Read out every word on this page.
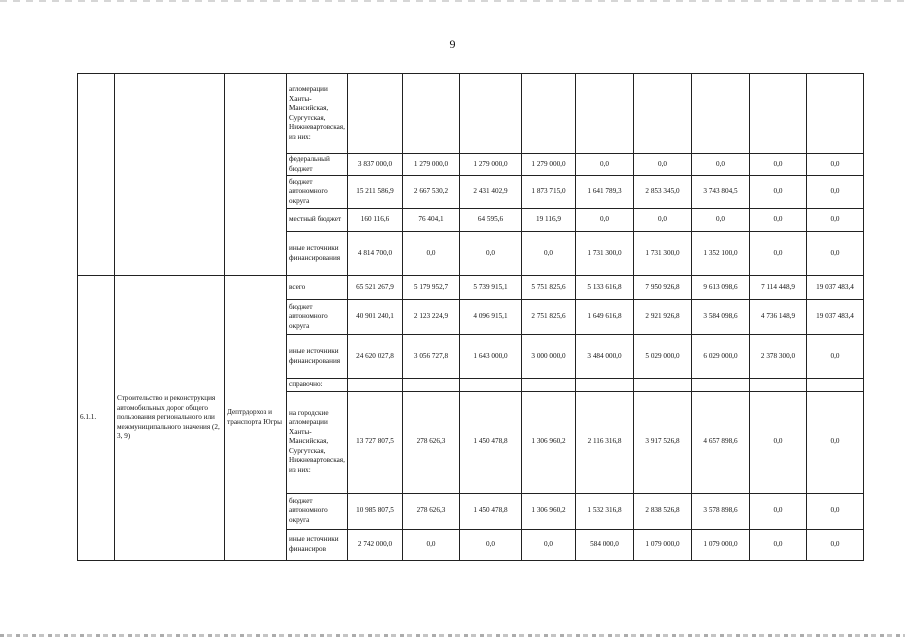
9
			агломерации Ханты-Мансийская, Сургутская, Нижневартовская, из них:									
			федеральный бюджет	3 837 000,0	1 279 000,0	1 279 000,0	1 279 000,0	0,0	0,0	0,0	0,0	0,0
			бюджет автономного округа	15 211 586,9	2 667 530,2	2 431 402,9	1 873 715,0	1 641 789,3	2 853 345,0	3 743 804,5	0,0	0,0
			местный бюджет	160 116,6	76 404,1	64 595,6	19 116,9	0,0	0,0	0,0	0,0	0,0
			иные источники финансирования	4 814 700,0	0,0	0,0	0,0	1 731 300,0	1 731 300,0	1 352 100,0	0,0	0,0
6.1.1.	Строительство и реконструкция автомобильных дорог общего пользования регионального или межмуниципального значения (2, 3, 9)	Дептрдорхоз и транспорта Югры	всего	65 521 267,9	5 179 952,7	5 739 915,1	5 751 825,6	5 133 616,8	7 950 926,8	9 613 098,6	7 114 448,9	19 037 483,4
			бюджет автономного округа	40 901 240,1	2 123 224,9	4 096 915,1	2 751 825,6	1 649 616,8	2 921 926,8	3 584 098,6	4 736 148,9	19 037 483,4
			иные источники финансирования	24 620 027,8	3 056 727,8	1 643 000,0	3 000 000,0	3 484 000,0	5 029 000,0	6 029 000,0	2 378 300,0	0,0
			справочно:									
			на городские агломерации Ханты-Мансийская, Сургутская, Нижневартовская, из них:	13 727 807,5	278 626,3	1 450 478,8	1 306 960,2	2 116 316,8	3 917 526,8	4 657 898,6	0,0	0,0
			бюджет автономного округа	10 985 807,5	278 626,3	1 450 478,8	1 306 960,2	1 532 316,8	2 838 526,8	3 578 898,6	0,0	0,0
			иные источники финансиров	2 742 000,0	0,0	0,0	0,0	584 000,0	1 079 000,0	1 079 000,0	0,0	0,0
